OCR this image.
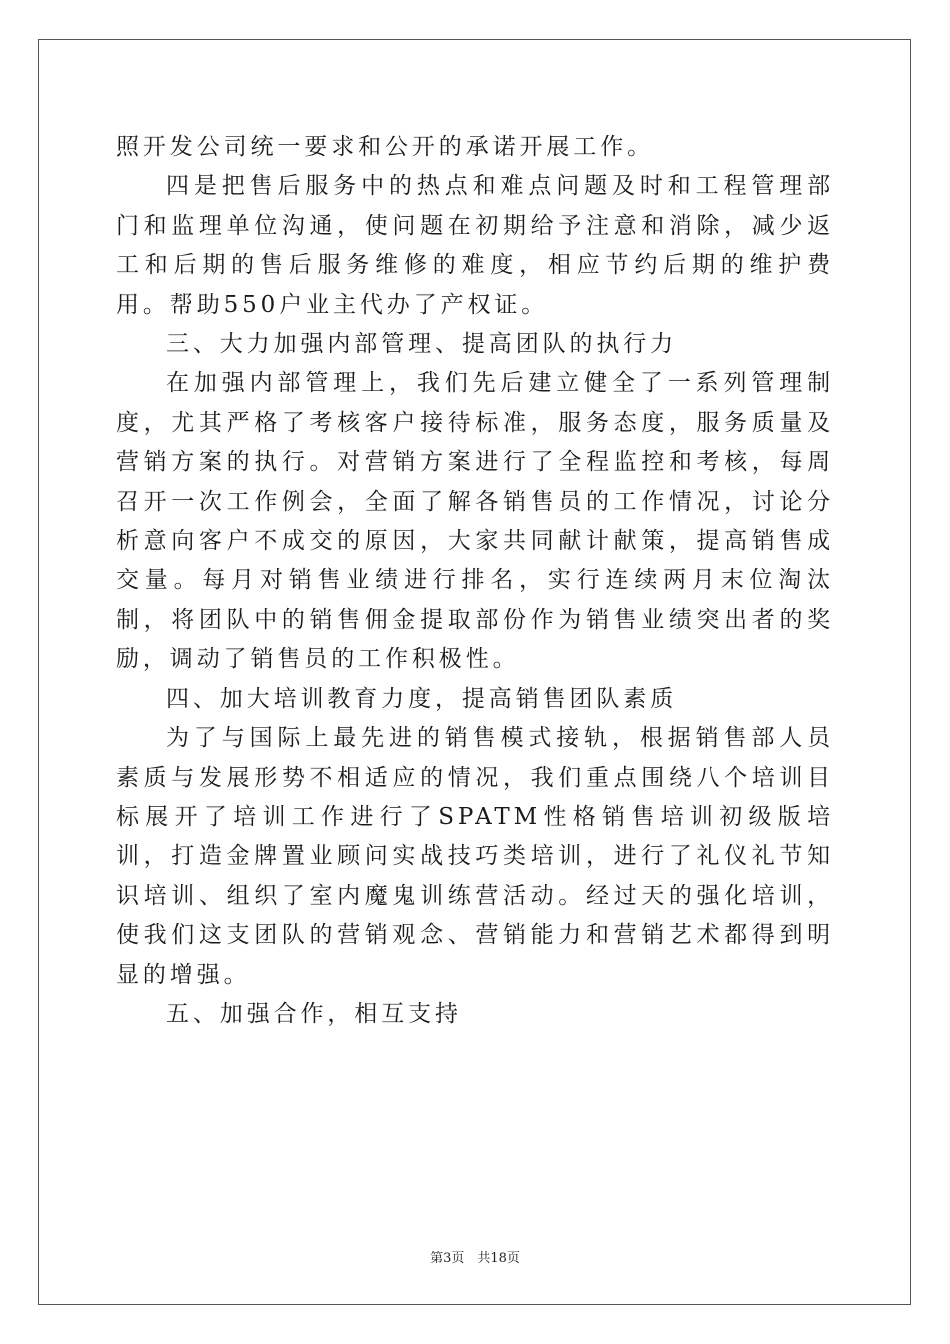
照开发公司统一要求和公开的承诺开展工作。

四是把售后服务中的热点和难点问题及时和工程管理部门和监理单位沟通，使问题在初期给予注意和消除，减少返工和后期的售后服务维修的难度，相应节约后期的维护费用。帮助550户业主代办了产权证。

三、大力加强内部管理、提高团队的执行力

在加强内部管理上，我们先后建立健全了一系列管理制度，尤其严格了考核客户接待标准，服务态度，服务质量及营销方案的执行。对营销方案进行了全程监控和考核，每周召开一次工作例会，全面了解各销售员的工作情况，讨论分析意向客户不成交的原因，大家共同献计献策，提高销售成交量。每月对销售业绩进行排名，实行连续两月末位淘汰制，将团队中的销售佣金提取部份作为销售业绩突出者的奖励，调动了销售员的工作积极性。

四、加大培训教育力度，提高销售团队素质

为了与国际上最先进的销售模式接轨，根据销售部人员素质与发展形势不相适应的情况，我们重点围绕八个培训目标展开了培训工作进行了SPATM性格销售培训初级版培训，打造金牌置业顾问实战技巧类培训，进行了礼仪礼节知识培训、组织了室内魔鬼训练营活动。经过天的强化培训，使我们这支团队的营销观念、营销能力和营销艺术都得到明显的增强。

五、加强合作，相互支持

第3页　共18页
